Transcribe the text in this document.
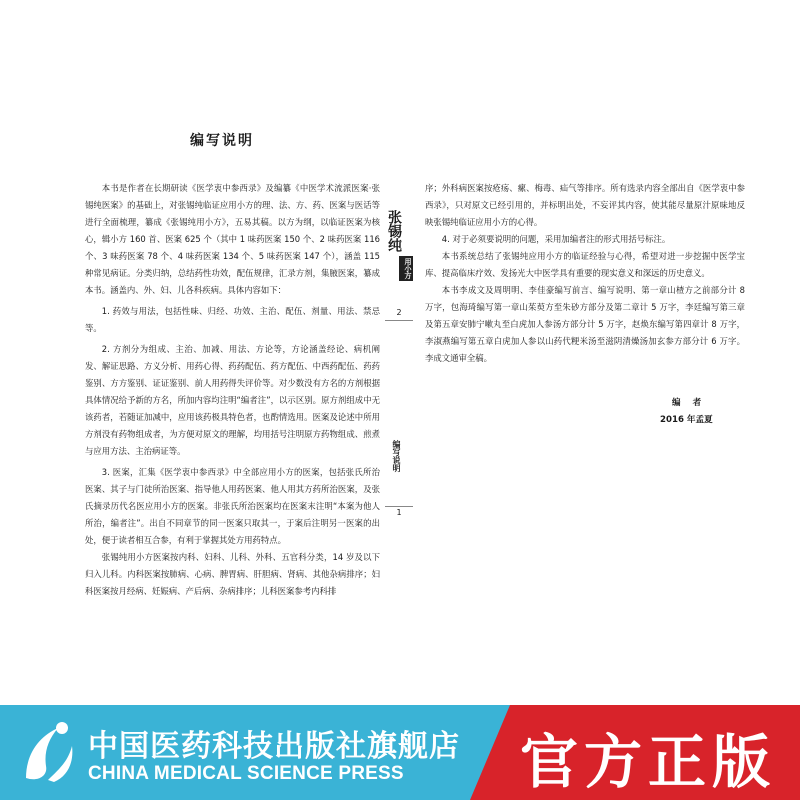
编写说明

本书是作者在长期研读《医学衷中参西录》及编纂《中医学术流派医案·张锡纯医案》的基础上，对张锡纯临证应用小方的理、法、方、药、医案与医话等进行全面梳理，纂成《张锡纯用小方》，五易其稿。以方为纲，以临证医案为核心，辑小方 160 首、医案 625 个（其中 1 味药医案 150 个、2 味药医案 116 个、3 味药医案 78 个、4 味药医案 134 个、5 味药医案 147 个），涵盖 115 种常见病证。分类归纳，总结药性功效，配伍规律，汇录方剂，集腋医案，纂成本书。涵盖内、外、妇、儿各科疾病。具体内容如下：

1. 药效与用法，包括性味、归经、功效、主治、配伍、剂量、用法、禁忌等。

2. 方剂分为组成、主治、加减、用法、方论等，方论涵盖经论、病机阐发、解证思路、方义分析、用药心得、药药配伍、药方配伍、中西药配伍、药药鉴别、方方鉴别、证证鉴别、前人用药得失评价等。对少数没有方名的方剂根据具体情况给予新的方名，所加内容均注明“编者注”，以示区别。原方剂组成中无该药者，若随证加减中，应用该药极具特色者，也酌情选用。医案及论述中所用方剂没有药物组成者，为方便对原文的理解，均用括号注明原方药物组成、煎煮与应用方法、主治病证等。

3. 医案，汇集《医学衷中参西录》中全部应用小方的医案，包括张氏所治医案、其子与门徒所治医案、指导他人用药医案、他人用其方药所治医案，及张氏摘录历代名医应用小方的医案。非张氏所治医案均在医案末注明“本案为他人所治，编者注”。出自不同章节的同一医案只取其一，于案后注明另一医案的出处，便于读者相互合参，有利于掌握其处方用药特点。

张锡纯用小方医案按内科、妇科、儿科、外科、五官科分类，14 岁及以下归入儿科。内科医案按肺病、心病、脾胃病、肝胆病、肾病、其他杂病排序；妇科医案按月经病、妊娠病、产后病、杂病排序；儿科医案参考内科排

张锡纯
用小方
2
编写说明
1

序；外科病医案按疮疡、瘰、梅毒、疝气等排序。所有选录内容全部出自《医学衷中参西录》，只对原文已经引用的，并标明出处，不妄评其内容，使其能尽量原汁原味地反映张锡纯临证应用小方的心得。

4. 对于必须要说明的问题，采用加编者注的形式用括号标注。

本书系统总结了张锡纯应用小方的临证经验与心得，希望对进一步挖掘中医学宝库、提高临床疗效、发扬光大中医学具有重要的现实意义和深远的历史意义。

本书李成文及周明明、李佳豪编写前言、编写说明、第一章山楂方之前部分计 8 万字，包海琦编写第一章山茱萸方至朱砂方部分及第二章计 5 万字，李廷编写第三章及第五章安肺宁嗽丸至白虎加人参汤方部分计 5 万字，赵焕东编写第四章计 8 万字，李淑燕编写第五章白虎加人参以山药代粳米汤至滋阴清燥汤加玄参方部分计 6 万字。李成文通审全稿。

编者
2016 年孟夏
中国医药科技出版社旗舰店
CHINA MEDICAL SCIENCE PRESS 官方正版
